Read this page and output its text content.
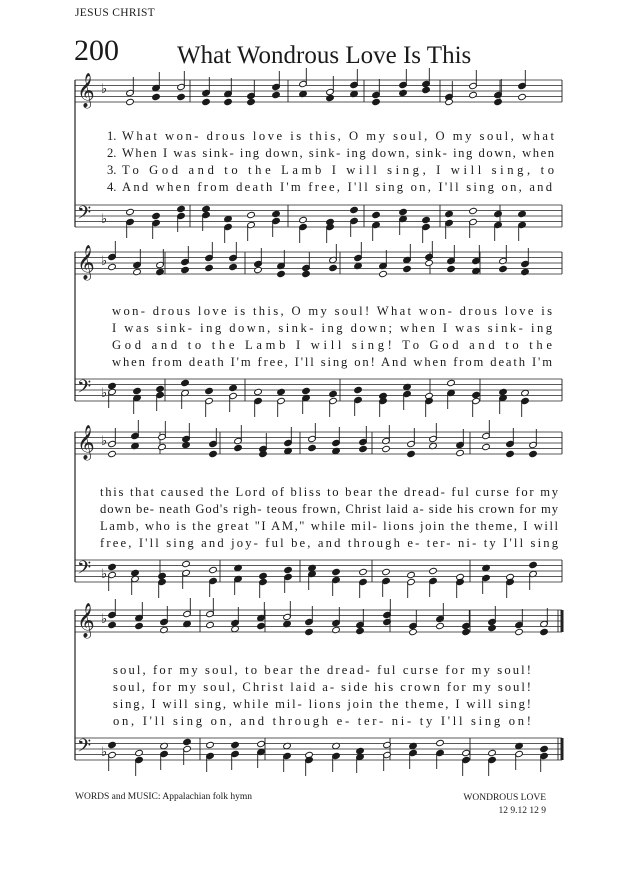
JESUS CHRIST
200 What Wondrous Love Is This
𝄞 ♭
𝄢 ♭
𝄞 ♭
𝄢 ♭
𝄞 ♭
𝄢 ♭
𝄞 ♭
𝄢 ♭
1. What won- drous love is this, O my soul, O my soul, what
2. When I was sink- ing down, sink- ing down, sink- ing down, when
3. To God and to the Lamb I will sing, I will sing, to
4. And when from death I'm free, I'll sing on, I'll sing on, and
won- drous love is this, O my soul! What won- drous love is
I was sink- ing down, sink- ing down; when I was sink- ing
God and to the Lamb I will sing! To God and to the
when from death I'm free, I'll sing on! And when from death I'm
this that caused the Lord of bliss to bear the dread- ful curse for my
down be- neath God's righ- teous frown, Christ laid a- side his crown for my
Lamb, who is the great "I AM," while mil- lions join the theme, I will
free, I'll sing and joy- ful be, and through e- ter- ni- ty I'll sing
soul, for my soul, to bear the dread- ful curse for my soul!
soul, for my soul, Christ laid a- side his crown for my soul!
sing, I will sing, while mil- lions join the theme, I will sing!
on, I'll sing on, and through e- ter- ni- ty I'll sing on!
WORDS and MUSIC: Appalachian folk hymn	WONDROUS LOVE
12 9.12 12 9
